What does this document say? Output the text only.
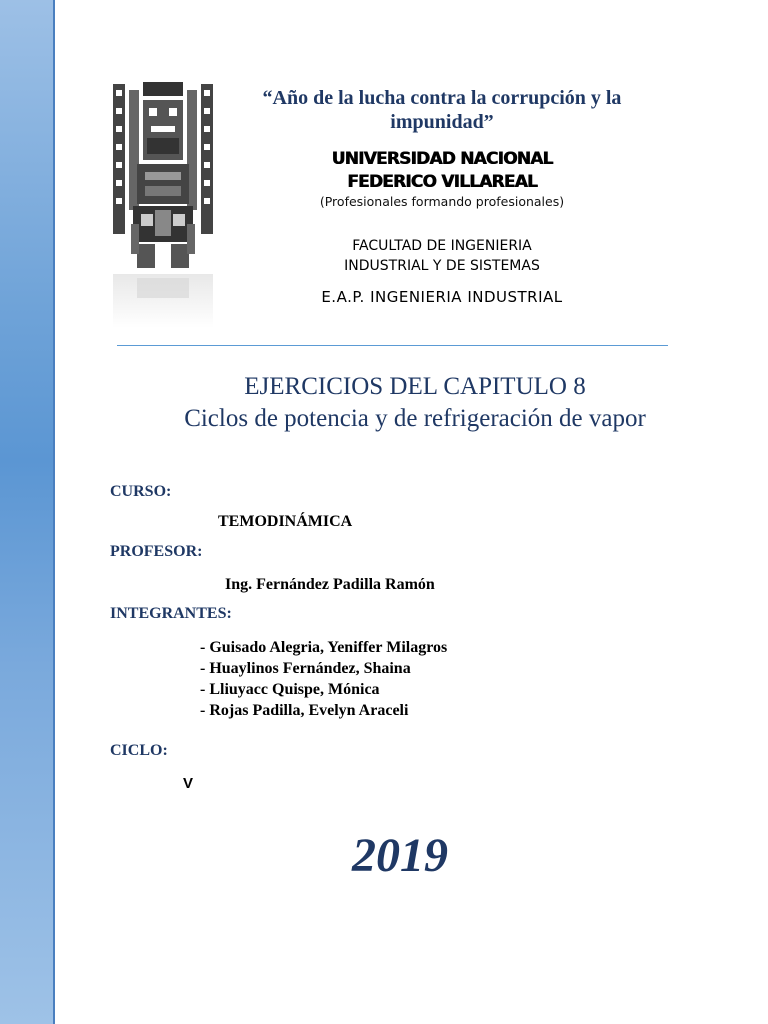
“Año de la lucha contra la corrupción y la impunidad”
UNIVERSIDAD NACIONAL
FEDERICO VILLAREAL
(Profesionales formando profesionales)
FACULTAD DE INGENIERIA
INDUSTRIAL Y DE SISTEMAS
E.A.P. INGENIERIA INDUSTRIAL
EJERCICIOS DEL CAPITULO 8
Ciclos de potencia y de refrigeración de vapor
CURSO:
TEMODINÁMICA
PROFESOR:
Ing. Fernández Padilla Ramón
INTEGRANTES:
- Guisado Alegria, Yeniffer Milagros
- Huaylinos Fernández, Shaina
- Lliuyacc Quispe, Mónica
- Rojas Padilla, Evelyn Araceli
CICLO:
V
2019
